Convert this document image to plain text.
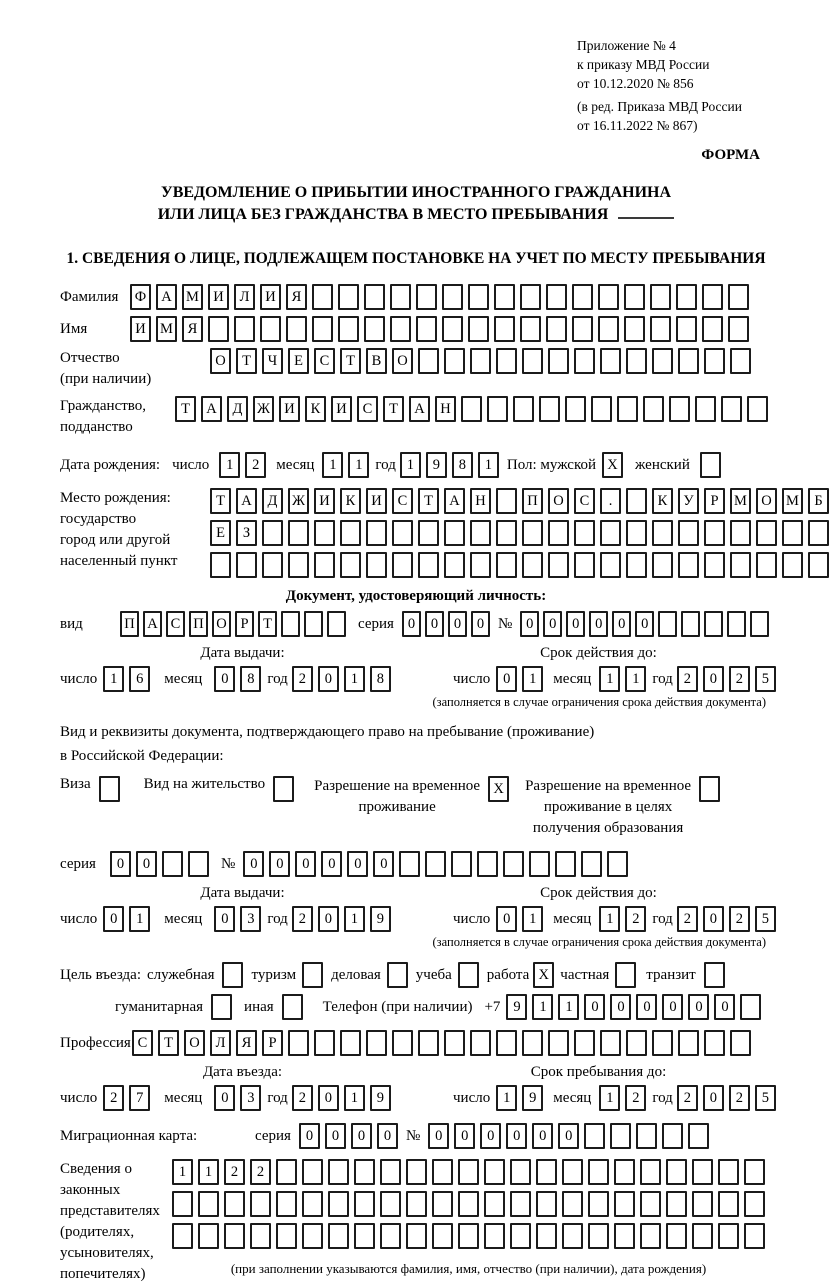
Приложение № 4
к приказу МВД России
от 10.12.2020 № 856
(в ред. Приказа МВД России
от 16.11.2022 № 867)
ФОРМА
УВЕДОМЛЕНИЕ О ПРИБЫТИИ ИНОСТРАННОГО ГРАЖДАНИНА
ИЛИ ЛИЦА БЕЗ ГРАЖДАНСТВА В МЕСТО ПРЕБЫВАНИЯ
1. СВЕДЕНИЯ О ЛИЦЕ, ПОДЛЕЖАЩЕМ ПОСТАНОВКЕ НА УЧЕТ ПО МЕСТУ ПРЕБЫВАНИЯ
Фамилия	Ф	А М И	Л	И	Я
Имя	И М	Я
Отчество
(при наличии)
О	Т	Ч	Е	С	Т	В	О
Гражданство,
подданство
Т	А	Д	Ж И	К	И	С	Т	А	Н
Дата рождения: число	1	2	месяц	1	1 год 1	9	8	1 Пол: мужской X	женский
Место рождения:
государство
город или другой
населенный пункт
Т	А	Д	Ж И	К	И	С	Т	А	Н	П	О	С	.	К	У	Р	М О М	Б
Е	З
Документ, удостоверяющий личность:
вид	П А С П О Р	Т	серия 0	0	0	0 № 0	0	0	0	0	0
Дата выдачи:	Срок действия до:
число 1	6	месяц	0	8 год 2	0	1	8	число 0	1	месяц	1	1 год 2	0	2	5
(заполняется в случае ограничения срока действия документа)
Вид и реквизиты документа, подтверждающего право на пребывание (проживание)
в Российской Федерации:
Виза	Вид на жительство	Разрешение на временное
проживание
X	Разрешение на временное
проживание в целях
получения образования
серия	0	0	№	0	0	0	0	0	0
Дата выдачи:	Срок действия до:
число 0	1	месяц	0	3 год 2	0	1	9	число 0	1	месяц	1	2 год 2	0	2	5
(заполняется в случае ограничения срока действия документа)
Цель въезда: служебная туризм деловая учеба работа X частная транзит
гуманитарная	иная	Телефон (при наличии) +7 9	1	1	0	0	0	0	0	0
Профессия С	Т	О	Л	Я	Р
Дата въезда:	Срок пребывания до:
число 2	7	месяц	0	3 год 2	0	1	9	число 1	9	месяц	1	2 год 2	0	2	5
Миграционная карта:	серия	0	0	0	0 №	0	0	0	0	0	0
Сведения о
законных
представителях
(родителях,
усыновителях,
попечителях)
1	1	2	2
(при заполнении указываются фамилия, имя, отчество (при наличии), дата рождения)
